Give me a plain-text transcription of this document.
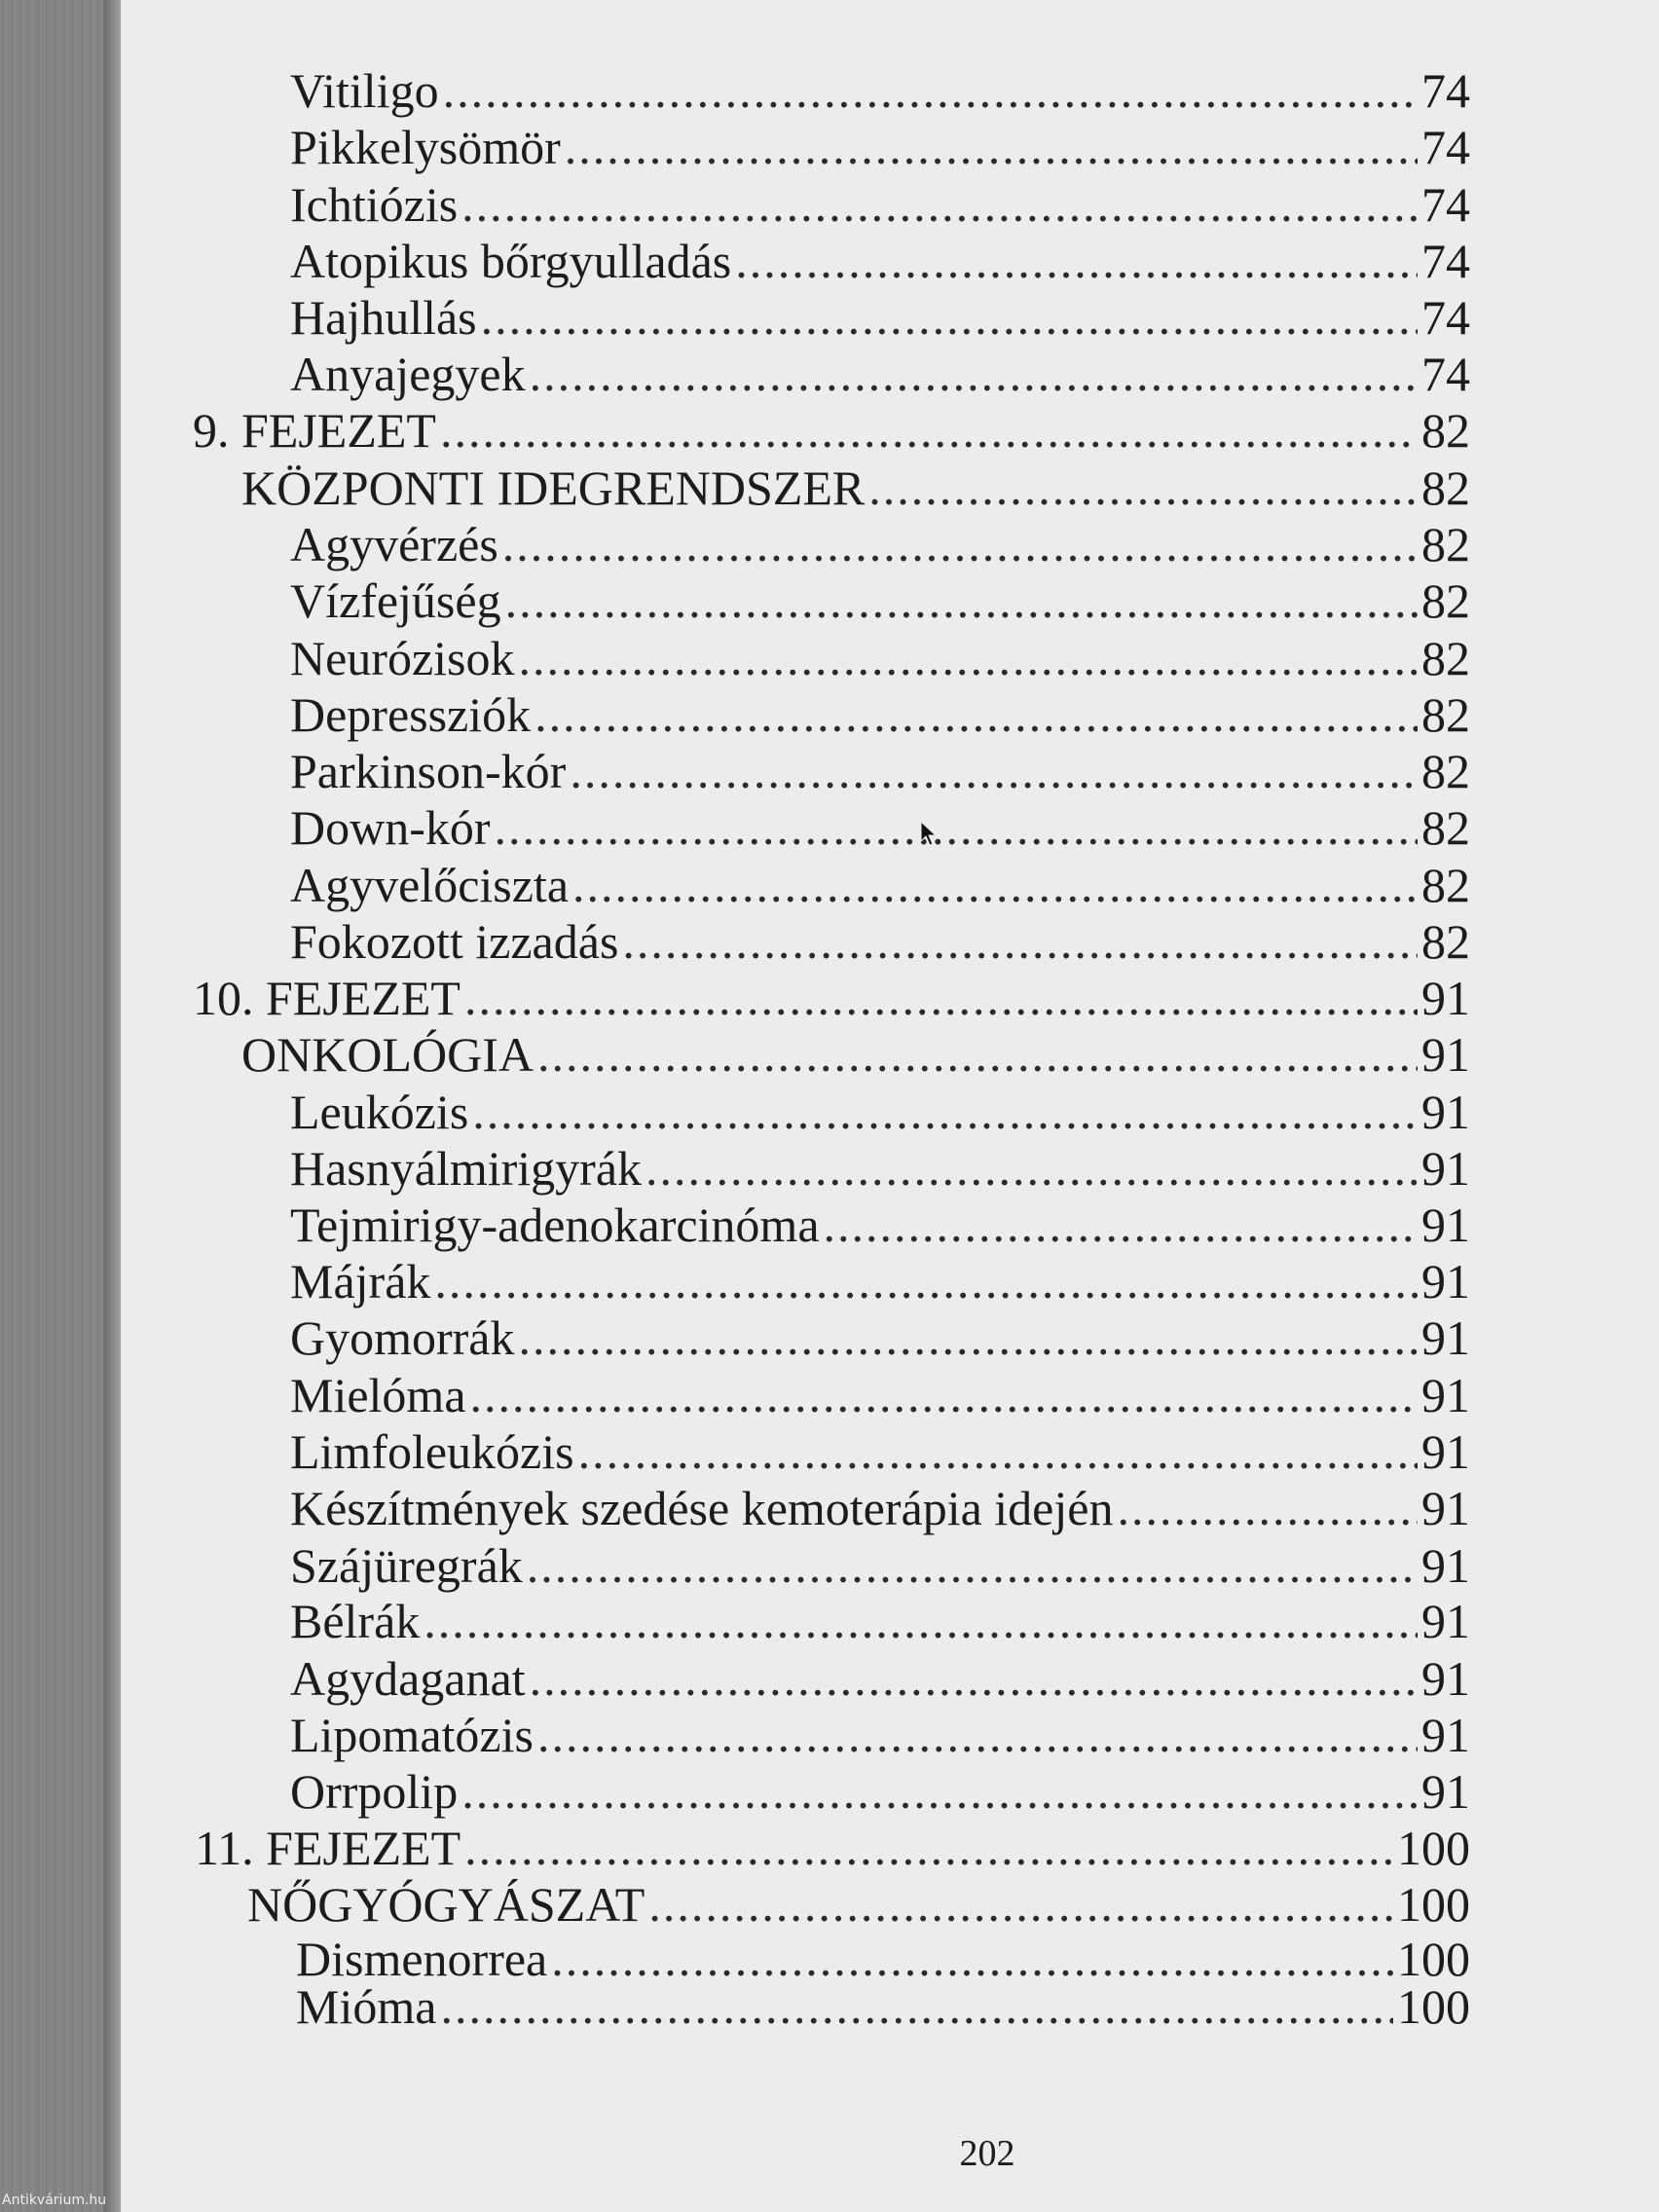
Vitiligo .....	74
Pikkelysömör .....	74
Ichtiózis .....	74
Atopikus bőrgyulladás .....	74
Hajhullás .....	74
Anyajegyek .....	74
9. FEJEZET .....	82
KÖZPONTI IDEGRENDSZER .....	82
Agyvérzés .....	82
Vízfejűség .....	82
Neurózisok .....	82
Depressziók .....	82
Parkinson-kór .....	82
Down-kór .....	82
Agyvelőciszta .....	82
Fokozott izzadás .....	82
10. FEJEZET .....	91
ONKOLÓGIA .....	91
Leukózis .....	91
Hasnyálmirigyrák .....	91
Tejmirigy-adenokarcinóma .....	91
Májrák .....	91
Gyomorrák .....	91
Mielóma .....	91
Limfoleukózis .....	91
Készítmények szedése kemoterápia idején .....	91
Szájüregrák .....	91
Bélrák .....	91
Agydaganat .....	91
Lipomatózis .....	91
Orrpolip .....	91
11. FEJEZET .....	100
NŐGYÓGYÁSZAT .....	100
Dismenorrea .....	100
Mióma .....	100
202
Antikvárium.hu
